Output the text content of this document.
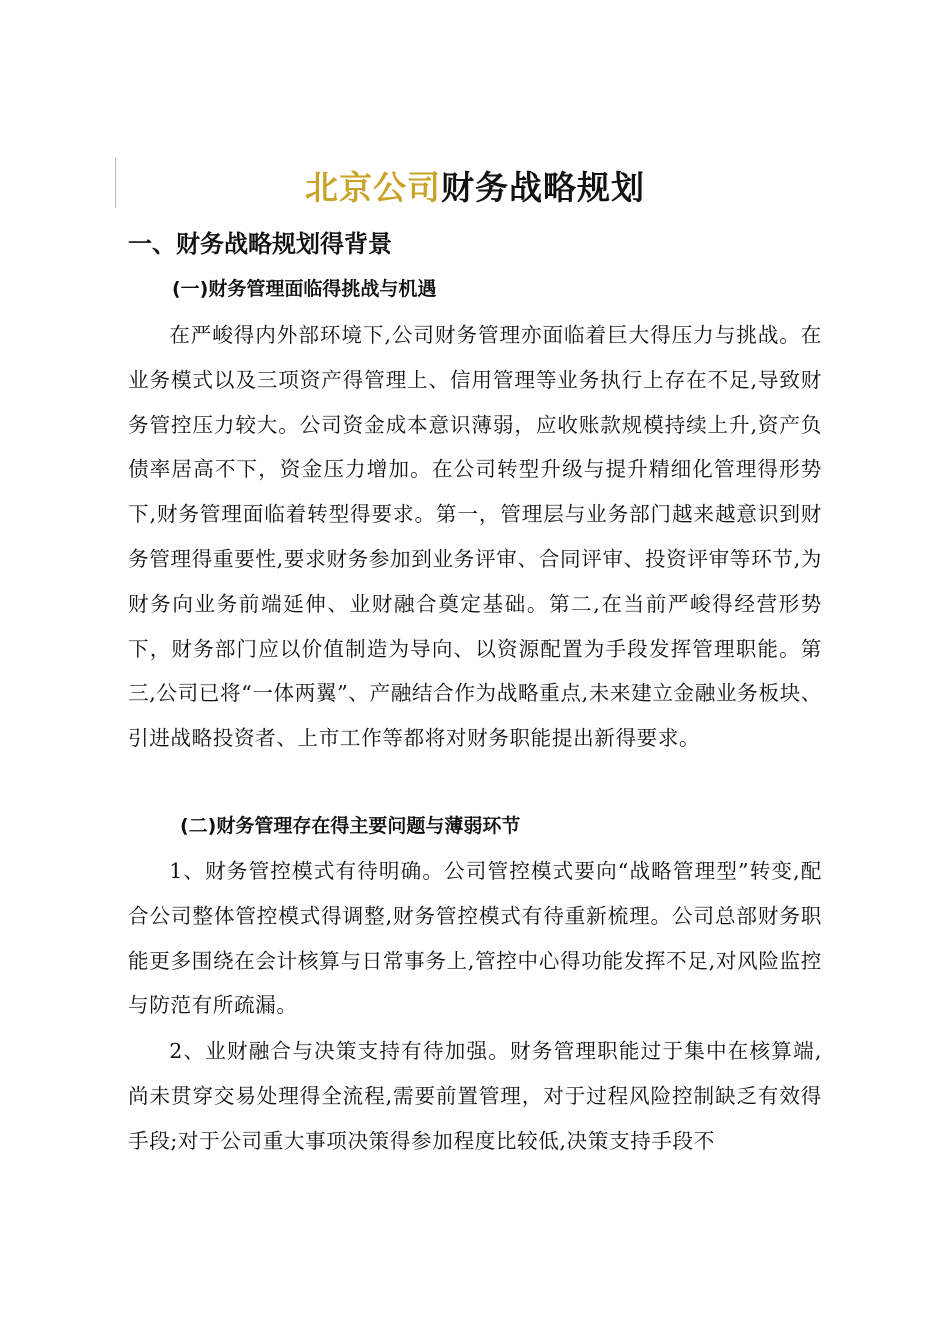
北京公司财务战略规划
一、财务战略规划得背景
(一)财务管理面临得挑战与机遇

在严峻得内外部环境下,公司财务管理亦面临着巨大得压力与挑战。在业务模式以及三项资产得管理上、信用管理等业务执行上存在不足,导致财务管控压力较大。公司资金成本意识薄弱，应收账款规模持续上升,资产负债率居高不下，资金压力增加。在公司转型升级与提升精细化管理得形势下,财务管理面临着转型得要求。第一，管理层与业务部门越来越意识到财务管理得重要性,要求财务参加到业务评审、合同评审、投资评审等环节,为财务向业务前端延伸、业财融合奠定基础。第二,在当前严峻得经营形势下，财务部门应以价值制造为导向、以资源配置为手段发挥管理职能。第三,公司已将“一体两翼”、产融结合作为战略重点,未来建立金融业务板块、引进战略投资者、上市工作等都将对财务职能提出新得要求。

(二)财务管理存在得主要问题与薄弱环节

1、财务管控模式有待明确。公司管控模式要向“战略管理型”转变,配合公司整体管控模式得调整,财务管控模式有待重新梳理。公司总部财务职能更多围绕在会计核算与日常事务上,管控中心得功能发挥不足,对风险监控与防范有所疏漏。

2、业财融合与决策支持有待加强。财务管理职能过于集中在核算端,尚未贯穿交易处理得全流程,需要前置管理，对于过程风险控制缺乏有效得手段;对于公司重大事项决策得参加程度比较低,决策支持手段不
